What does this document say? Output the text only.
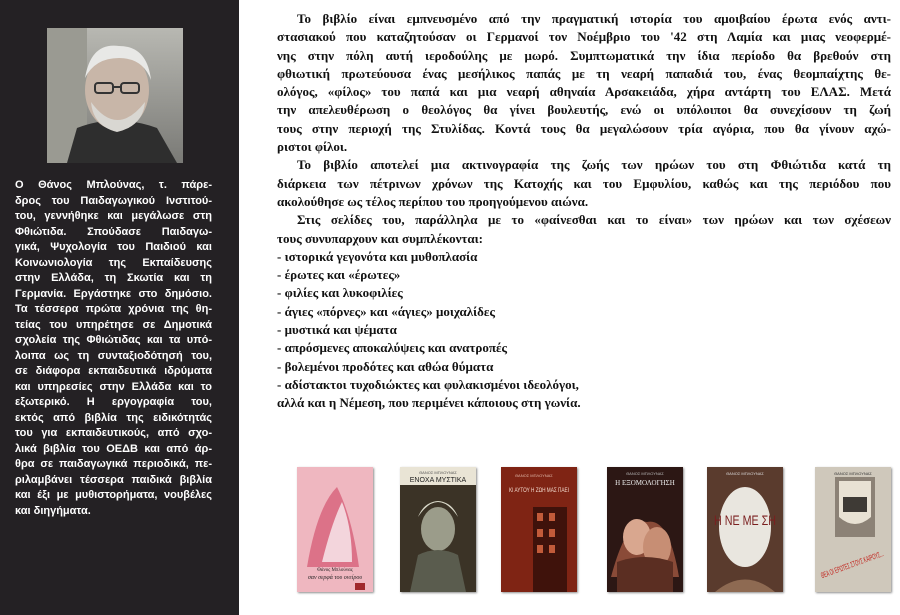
Ο Θάνος Μπλούνας, τ. πάρε-
δρος του Παιδαγωγικού Ινστιτού-
του, γεννήθηκε και μεγάλωσε στη
Φθιώτιδα. Σπούδασε Παιδαγω-
γικά, Ψυχολογία του Παιδιού και
Κοινωνιολογία της Εκπαίδευσης
στην Ελλάδα, τη Σκωτία και τη
Γερμανία. Εργάστηκε στο δημόσιο.
Τα τέσσερα πρώτα χρόνια της θη-
τείας του υπηρέτησε σε Δημοτικά
σχολεία της Φθιώτιδας και τα υπό-
λοιπα ως τη συνταξιοδότησή του,
σε διάφορα εκπαιδευτικά ιδρύματα
και υπηρεσίες στην Ελλάδα και το
εξωτερικό. Η εργογραφία του,
εκτός από βιβλία της ειδικότητάς
του για εκπαιδευτικούς, από σχο-
λικά βιβλία του ΟΕΔΒ και από άρ-
θρα σε παιδαγωγικά περιοδικά, πε-
ριλαμβάνει τέσσερα παιδικά βιβλία
και έξι με μυθιστορήματα, νουβέλες
και διηγήματα.
Το βιβλίο είναι εμπνευσμένο από την πραγματική ιστορία του αμοιβαίου έρωτα ενός αντι-
στασιακού που καταζητούσαν οι Γερμανοί τον Νοέμβριο του '42 στη Λαμία και μιας νεοφερμέ-
νης στην πόλη αυτή ιεροδούλης με μωρό. Συμπτωματικά την ίδια περίοδο θα βρεθούν στη
φθιωτική πρωτεύουσα ένας μεσήλικος παπάς με τη νεαρή παπαδιά του, ένας θεομπαίχτης θε-
ολόγος, «φίλος» του παπά και μια νεαρή αθηναία Αρσακειάδα, χήρα αντάρτη του ΕΛΑΣ. Μετά
την απελευθέρωση ο θεολόγος θα γίνει βουλευτής, ενώ οι υπόλοιποι θα συνεχίσουν τη ζωή
τους στην περιοχή της Στυλίδας. Κοντά τους θα μεγαλώσουν τρία αγόρια, που θα γίνουν αχώ-
ριστοι φίλοι.
Το βιβλίο αποτελεί μια ακτινογραφία της ζωής των ηρώων του στη Φθιώτιδα κατά τη
διάρκεια των πέτρινων χρόνων της Κατοχής και του Εμφυλίου, καθώς και της περιόδου που
ακολούθησε ως τέλος περίπου του προηγούμενου αιώνα.
Στις σελίδες του, παράλληλα με το «φαίνεσθαι και το είναι» των ηρώων και των σχέσεων
τους συνυπαρχουν και συμπλέκονται:
- ιστορικά γεγονότα και μυθοπλασία
- έρωτες και «έρωτες»
- φιλίες και λυκοφιλίες
- άγιες «πόρνες» και «άγιες» μοιχαλίδες
- μυστικά και ψέματα
- απρόσμενες αποκαλύψεις και ανατροπές
- βολεμένοι προδότες και αθώα θύματα
- αδίστακτοι τυχοδιώκτες και φυλακισμένοι ιδεολόγοι,
αλλά και η Νέμεση, που περιμένει κάποιους στη γωνία.
Θάνος Μπλούνας
σαν σερφά του ονείρου
ΘΑΝΟΣ ΜΠΛΟΥΝΑΣ
ΕΝΟΧΑ ΜΥΣΤΙΚΑ
ΘΑΝΟΣ ΜΠΛΟΥΝΑΣ
ΚΙ ΑΥΤΟΥ Η ΖΩΗ ΜΑΣ ΠΑΕΙ
ΘΑΝΟΣ ΜΠΛΟΥΝΑΣ
Η ΕΞΟΜΟΛΟΓΗΣΗ
ΘΑΝΟΣ ΜΠΛΟΥΝΑΣ
Η ΝΕ ΜΕ ΣΗ
ΘΑΝΟΣ ΜΠΛΟΥΝΑΣ
